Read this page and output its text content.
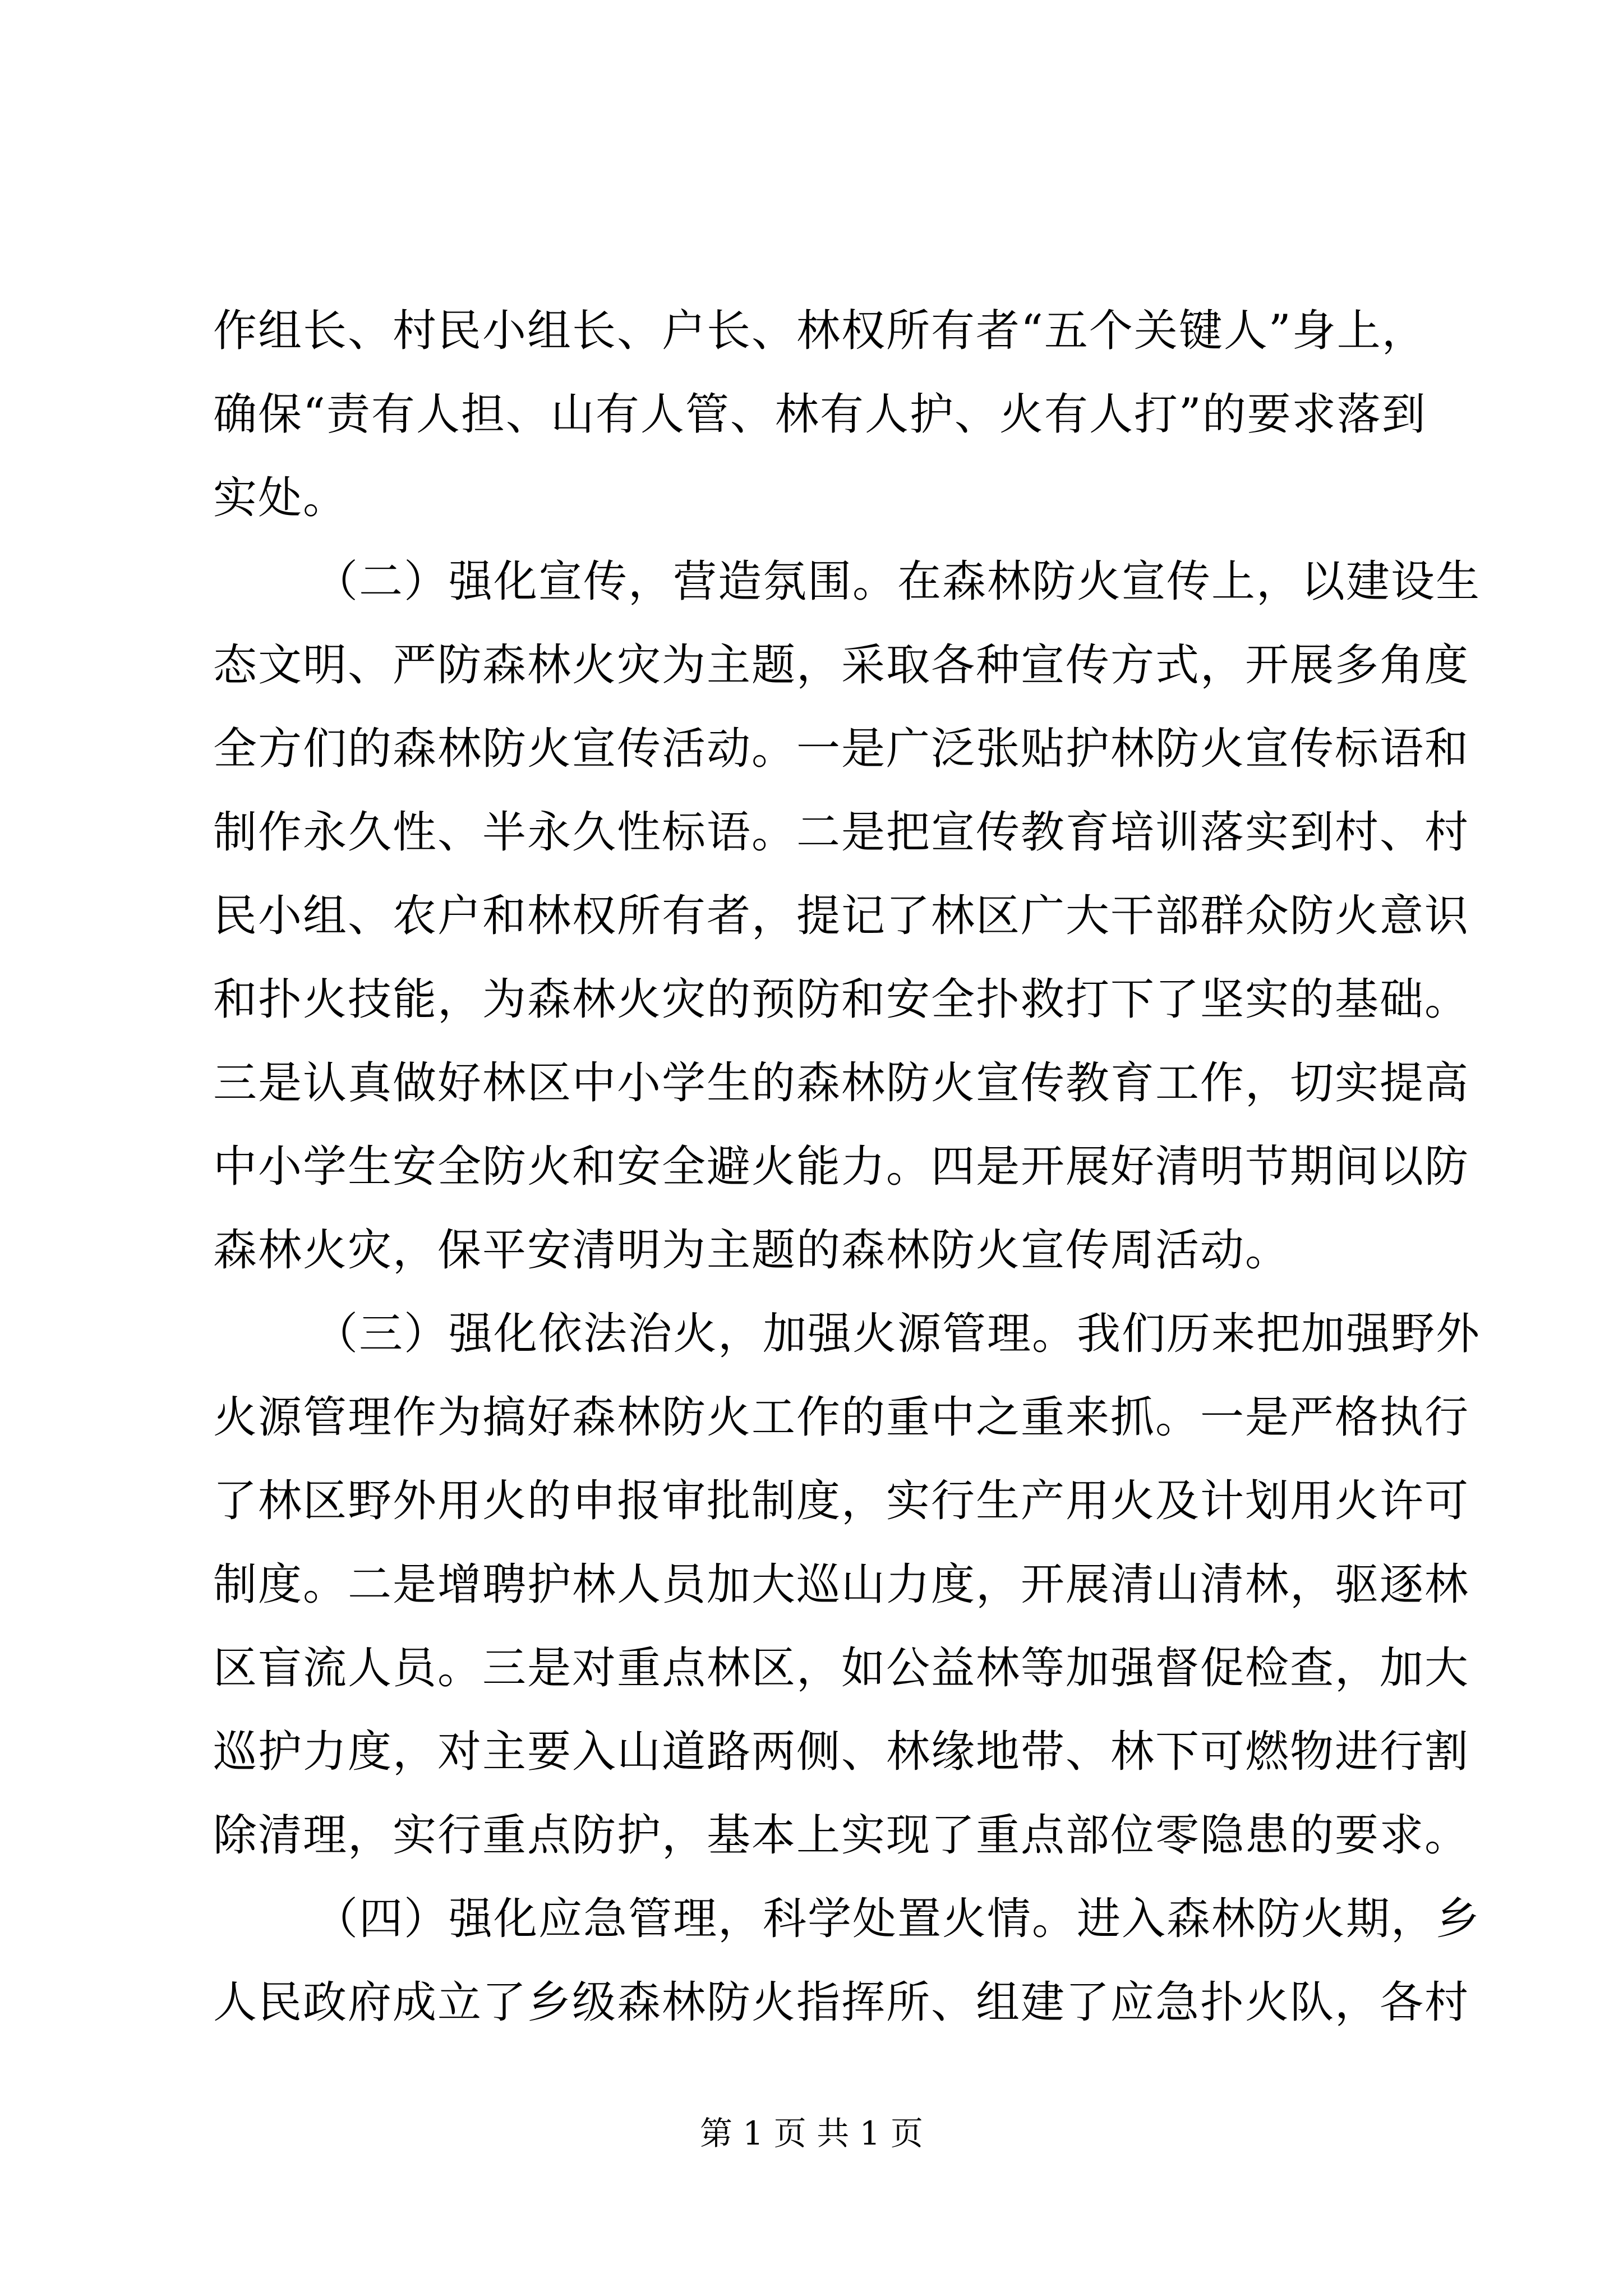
作组长、村民小组长、户长、林权所有者“五个关键人”身上，
确保“责有人担、山有人管、林有人护、火有人打”的要求落到
实处。
（二）强化宣传，营造氛围。在森林防火宣传上，以建设生
态文明、严防森林火灾为主题，采取各种宣传方式，开展多角度
全方们的森林防火宣传活动。一是广泛张贴护林防火宣传标语和
制作永久性、半永久性标语。二是把宣传教育培训落实到村、村
民小组、农户和林权所有者，提记了林区广大干部群众防火意识
和扑火技能，为森林火灾的预防和安全扑救打下了坚实的基础。
三是认真做好林区中小学生的森林防火宣传教育工作，切实提高
中小学生安全防火和安全避火能力。四是开展好清明节期间以防
森林火灾，保平安清明为主题的森林防火宣传周活动。
（三）强化依法治火，加强火源管理。我们历来把加强野外
火源管理作为搞好森林防火工作的重中之重来抓。一是严格执行
了林区野外用火的申报审批制度，实行生产用火及计划用火许可
制度。二是增聘护林人员加大巡山力度，开展清山清林，驱逐林
区盲流人员。三是对重点林区，如公益林等加强督促检查，加大
巡护力度，对主要入山道路两侧、林缘地带、林下可燃物进行割
除清理，实行重点防护，基本上实现了重点部位零隐患的要求。
（四）强化应急管理，科学处置火情。进入森林防火期，乡
人民政府成立了乡级森林防火指挥所、组建了应急扑火队，各村
第 1 页 共 1 页
